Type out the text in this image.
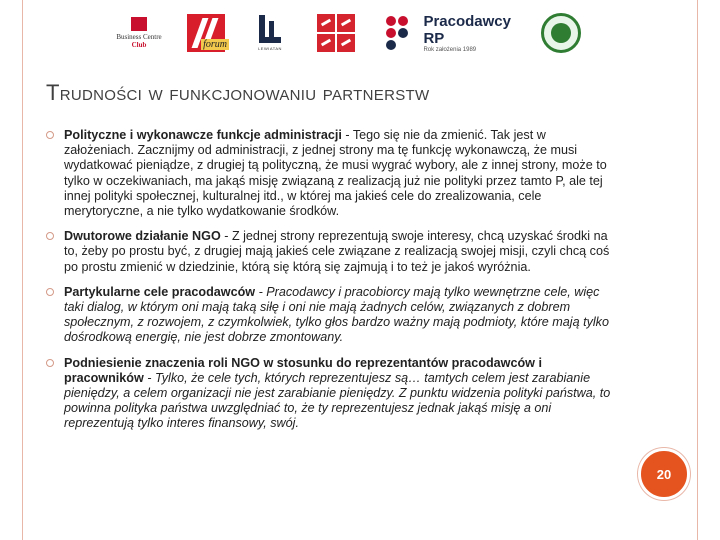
Business Centre
Club	forum	LEWIATAN
Pracodawcy RP
Rok założenia 1989
Trudności w funkcjonowaniu partnerstw
Polityczne i wykonawcze funkcje administracji - Tego się nie da zmienić. Tak jest w założeniach. Zacznijmy od administracji, z jednej strony ma tę funkcję wykonawczą, że musi wydatkować pieniądze, z drugiej tą polityczną, że musi wygrać wybory, ale z innej strony, może to tylko w oczekiwaniach, ma jakąś misję związaną z realizacją już nie polityki przez tamto P, ale tej innej polityki społecznej, kulturalnej itd., w której ma jakieś cele do zrealizowania, cele merytoryczne, a nie tylko wydatkowanie środków.
Dwutorowe działanie NGO - Z jednej strony reprezentują swoje interesy, chcą uzyskać środki na to, żeby po prostu być, z drugiej mają jakieś cele związane z realizacją swojej misji, czyli chcą coś po prostu zmienić w dziedzinie, którą się którą się zajmują i to też je jakoś wyróżnia.
Partykularne cele pracodawców - Pracodawcy i pracobiorcy mają tylko wewnętrzne cele, więc taki dialog, w którym oni mają taką siłę i oni nie mają żadnych celów, związanych z dobrem społecznym, z rozwojem, z czymkolwiek, tylko głos bardzo ważny mają podmioty, które mają tylko dośrodkową energię, nie jest dobrze zmontowany.
Podniesienie znaczenia roli NGO w stosunku do reprezentantów pracodawców i pracowników - Tylko, że cele tych, których reprezentujesz są… tamtych celem jest zarabianie pieniędzy, a celem organizacji nie jest zarabianie pieniędzy. Z punktu widzenia polityki państwa, to powinna polityka państwa uwzględniać to, że ty reprezentujesz jednak jakąś misję a oni reprezentują tylko interes finansowy, swój.
20
